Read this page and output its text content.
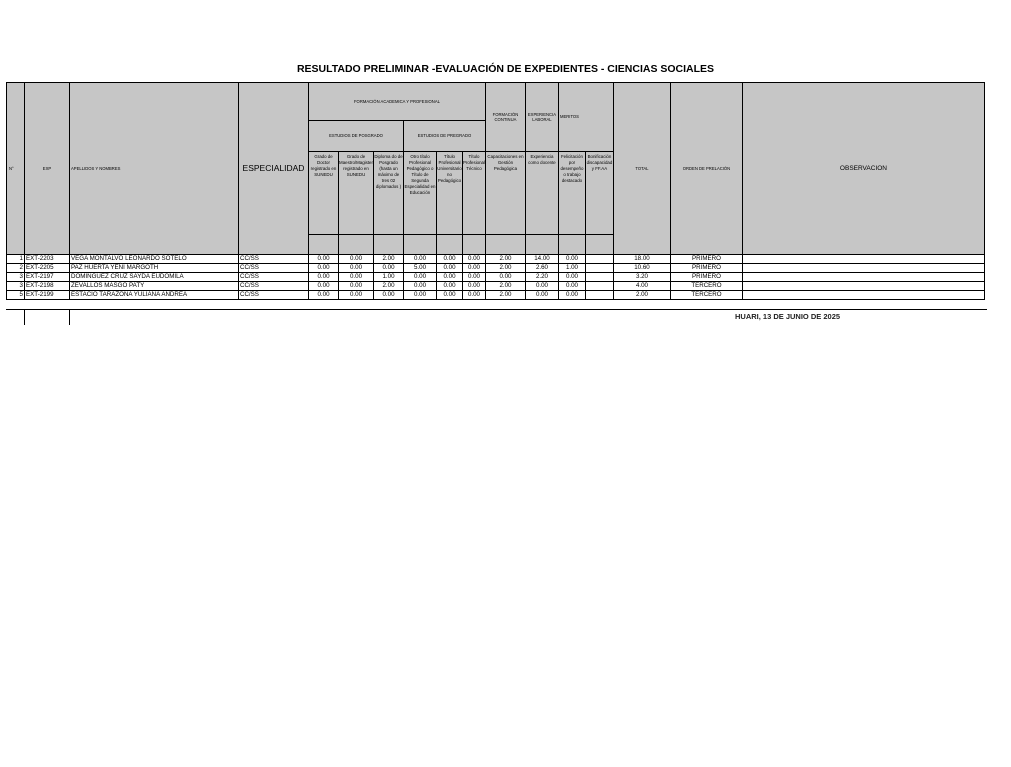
RESULTADO PRELIMINAR -EVALUACIÓN DE EXPEDIENTES - CIENCIAS SOCIALES
N°	EXP	APELLIDOS Y NOMBRES	ESPECIALIDAD	FORMACIÓN ACADEMICA Y PROFESIONAL						FORMACIÓN CONTINUA	EXPERIENCIA LABORAL	MERITOS		TOTAL	ORDEN DE PRELACIÓN	OBSERVACION
				ESTUDIOS DE POSGRADO			ESTUDIOS DE PREGRADO									
				Grado de Doctor registrado en SUNEDU	Grado de Maestro/Magister registrado en SUNEDU	Diploma do de Posgrado (hasta un máximo de tres 02 diplomados )	Otro título Profesional Pedagógico o Título de Segunda Especialidad en Educación	Título Profesional Universitario no Pedagógico	Título Profesional Técnico	Capacitaciones en Gestión Pedagógica	Experiencia como docente	Felicitación por desempeño o trabajo destacado	Bonificación discapacidad y FF.AA			

1	EXT-2203	VEGA MONTALVO LEONARDO SOTELO	CC/SS	0.00	0.00	2.00	0.00	0.00	0.00	2.00	14.00	0.00		18.00	PRIMERO	
2	EXT-2205	PAZ HUERTA YENI MARGOTH	CC/SS	0.00	0.00	0.00	5.00	0.00	0.00	2.00	2.60	1.00		10.60	PRIMERO	
3	EXT-2197	DOMINGUEZ CRUZ SAYDA EUDOMILA	CC/SS	0.00	0.00	1.00	0.00	0.00	0.00	0.00	2.20	0.00		3.20	PRIMERO	
3	EXT-2198	ZEVALLOS MASGO PATY	CC/SS	0.00	0.00	2.00	0.00	0.00	0.00	2.00	0.00	0.00		4.00	TERCERO	
5	EXT-2199	ESTACIO TARAZONA YULIANA ANDREA	CC/SS	0.00	0.00	0.00	0.00	0.00	0.00	2.00	0.00	0.00		2.00	TERCERO	
HUARI, 13 DE JUNIO DE 2025
